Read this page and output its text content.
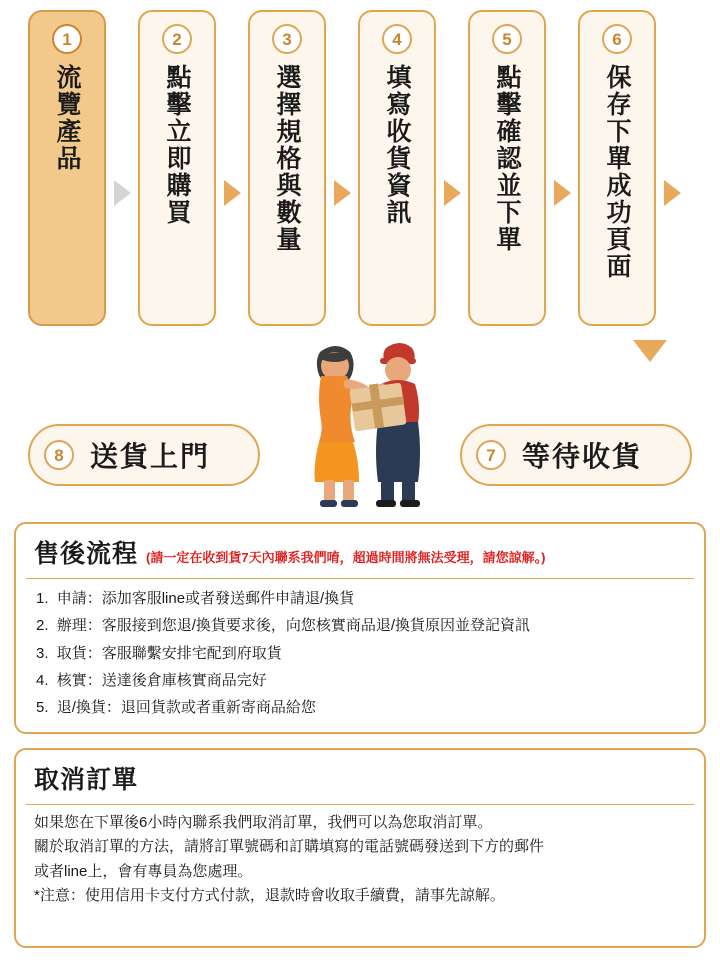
1
流覽產品
2
點擊立即購買
3
選擇規格與數量
4
填寫收貨資訊
5
點擊確認並下單
6
保存下單成功頁面
8 送貨上門	7 等待收貨
售後流程 (請一定在收到貨7天內聯系我們唷，超過時間將無法受理，請您諒解。)
1. 申請：添加客服line或者發送郵件申請退/換貨
2. 辦理：客服接到您退/換貨要求後，向您核實商品退/換貨原因並登記資訊
3. 取貨：客服聯繫安排宅配到府取貨
4. 核實：送達後倉庫核實商品完好
5. 退/換貨：退回貨款或者重新寄商品給您
取消訂單

如果您在下單後6小時內聯系我們取消訂單，我們可以為您取消訂單。

關於取消訂單的方法，請將訂單號碼和訂購填寫的電話號碼發送到下方的郵件

或者line上，會有專員為您處理。

*注意：使用信用卡支付方式付款，退款時會收取手續費，請事先諒解。
